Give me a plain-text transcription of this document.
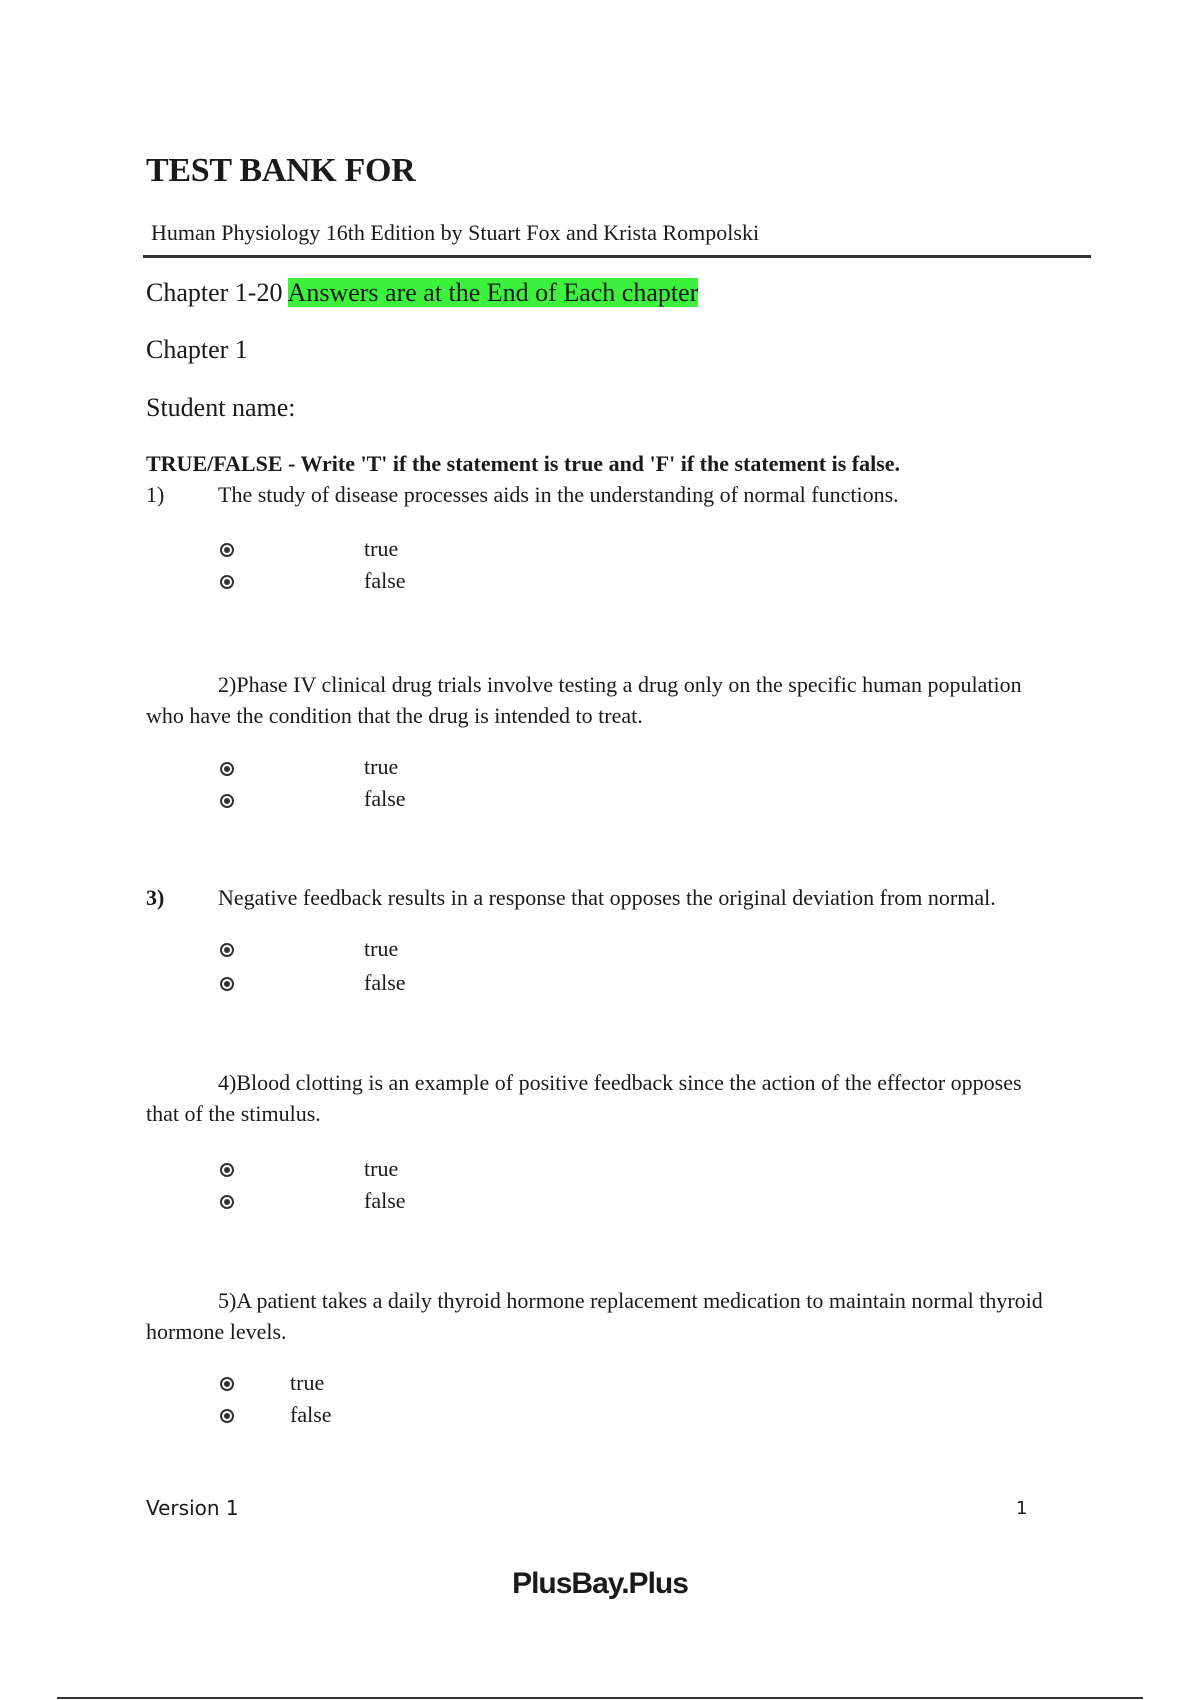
TEST BANK FOR
Human Physiology 16th Edition by Stuart Fox and Krista Rompolski
Chapter 1-20 Answers are at the End of Each chapter
Chapter 1
Student name:
TRUE/FALSE - Write 'T' if the statement is true and 'F' if the statement is false.
1) The study of disease processes aids in the understanding of normal functions.
true
false
2)Phase IV clinical drug trials involve testing a drug only on the specific human population who have the condition that the drug is intended to treat.
true
false
3) Negative feedback results in a response that opposes the original deviation from normal.
true
false
4)Blood clotting is an example of positive feedback since the action of the effector opposes that of the stimulus.
true
false
5)A patient takes a daily thyroid hormone replacement medication to maintain normal thyroid hormone levels.
true
false
Version 1	1
PlusBay.Plus
